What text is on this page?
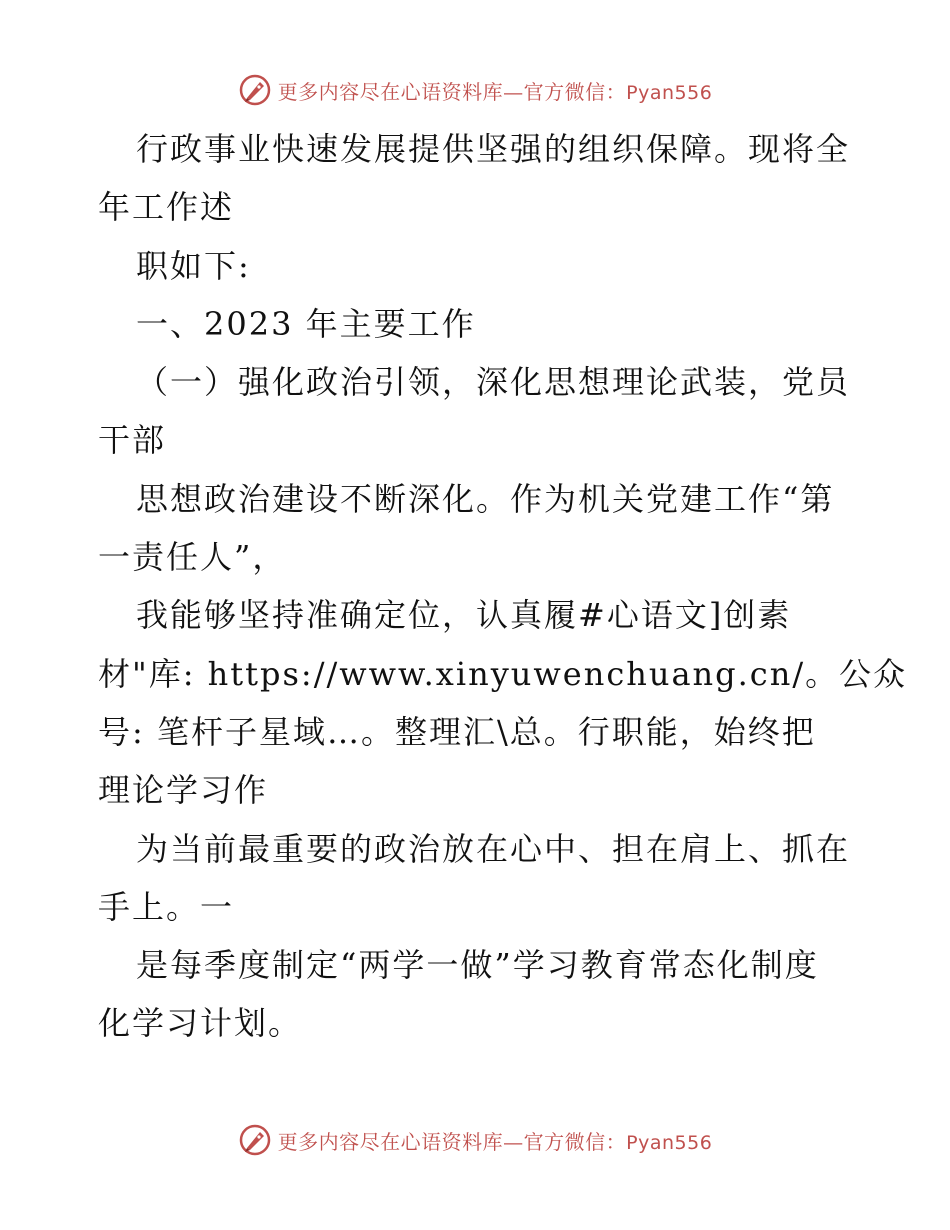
更多内容尽在心语资料库—官方微信：Pyan556
行政事业快速发展提供坚强的组织保障。现将全
年工作述
职如下:
一、2023 年主要工作
（一）强化政治引领，深化思想理论武装，党员
干部
思想政治建设不断深化。作为机关党建工作“第
一责任人”，
我能够坚持准确定位，认真履#心语文]创素
材"库: https://www.xinyuwenchuang.cn/。公众
号: 笔杆子星域…。整理汇\总。行职能，始终把
理论学习作
为当前最重要的政治放在心中、担在肩上、抓在
手上。一
是每季度制定“两学一做”学习教育常态化制度
化学习计划。
更多内容尽在心语资料库—官方微信：Pyan556
